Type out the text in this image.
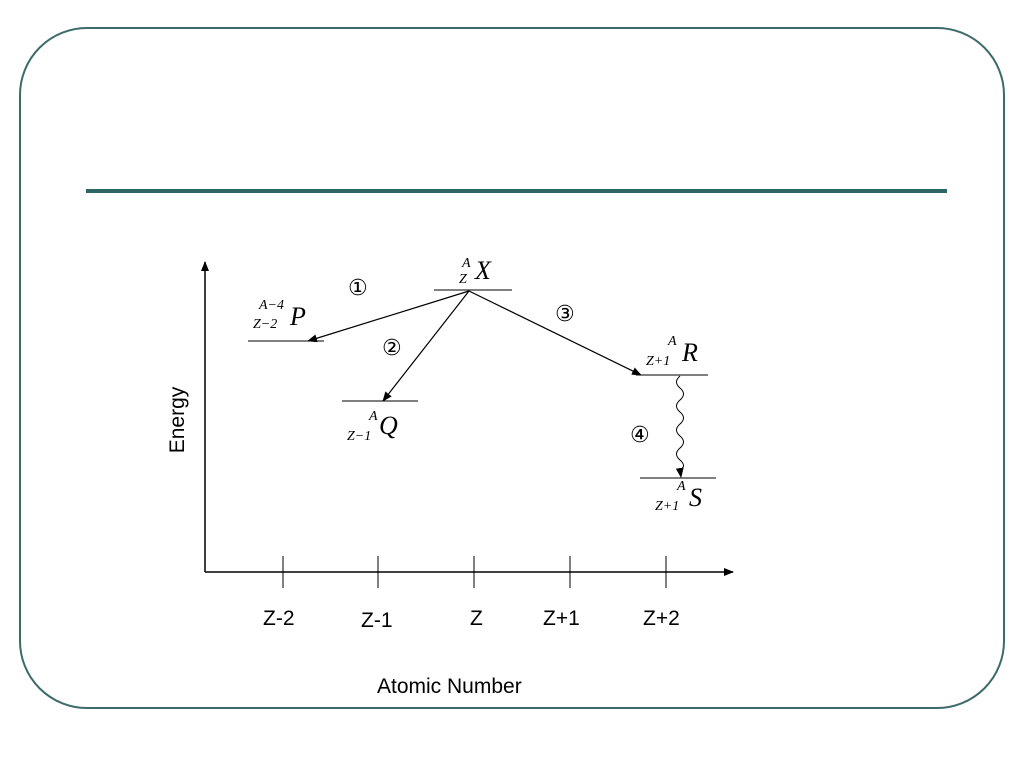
Energy
Atomic Number
Z-2	Z-1	Z	Z+1	Z+2
A
Z X
A−4
Z−2 P
A
Z−1 Q
A
Z+1 R
A
Z+1 S
①
②
③
④
